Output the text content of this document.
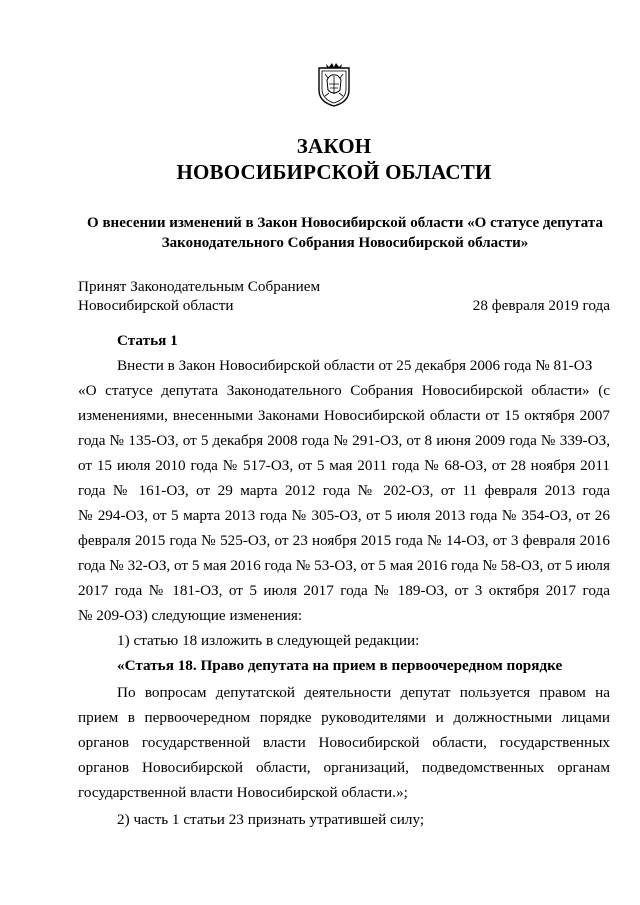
ЗАКОН
НОВОСИБИРСКОЙ ОБЛАСТИ
О внесении изменений в Закон Новосибирской области «О статусе депутата
Законодательного Собрания Новосибирской области»
Принят Законодательным Собранием
Новосибирской области	28 февраля 2019 года
Статья 1
Внести в Закон Новосибирской области от 25 декабря 2006 года № 81-ОЗ
«О статусе депутата Законодательного Собрания Новосибирской области» (с
изменениями, внесенными Законами Новосибирской области от 15 октября 2007
года № 135-ОЗ, от 5 декабря 2008 года № 291-ОЗ, от 8 июня 2009 года № 339-ОЗ,
от 15 июля 2010 года № 517-ОЗ, от 5 мая 2011 года № 68-ОЗ, от 28 ноября 2011
года № 161-ОЗ, от 29 марта 2012 года № 202-ОЗ, от 11 февраля 2013 года
№ 294-ОЗ, от 5 марта 2013 года № 305-ОЗ, от 5 июля 2013 года № 354-ОЗ, от 26
февраля 2015 года № 525-ОЗ, от 23 ноября 2015 года № 14-ОЗ, от 3 февраля 2016
года № 32-ОЗ, от 5 мая 2016 года № 53-ОЗ, от 5 мая 2016 года № 58-ОЗ, от 5 июля
2017 года № 181-ОЗ, от 5 июля 2017 года № 189-ОЗ, от 3 октября 2017 года
№ 209-ОЗ) следующие изменения:
1) статью 18 изложить в следующей редакции:
«Статья 18. Право депутата на прием в первоочередном порядке
По вопросам депутатской деятельности депутат пользуется правом на
прием в первоочередном порядке руководителями и должностными лицами
органов государственной власти Новосибирской области, государственных
органов Новосибирской области, организаций, подведомственных органам
государственной власти Новосибирской области.»;
2) часть 1 статьи 23 признать утратившей силу;
